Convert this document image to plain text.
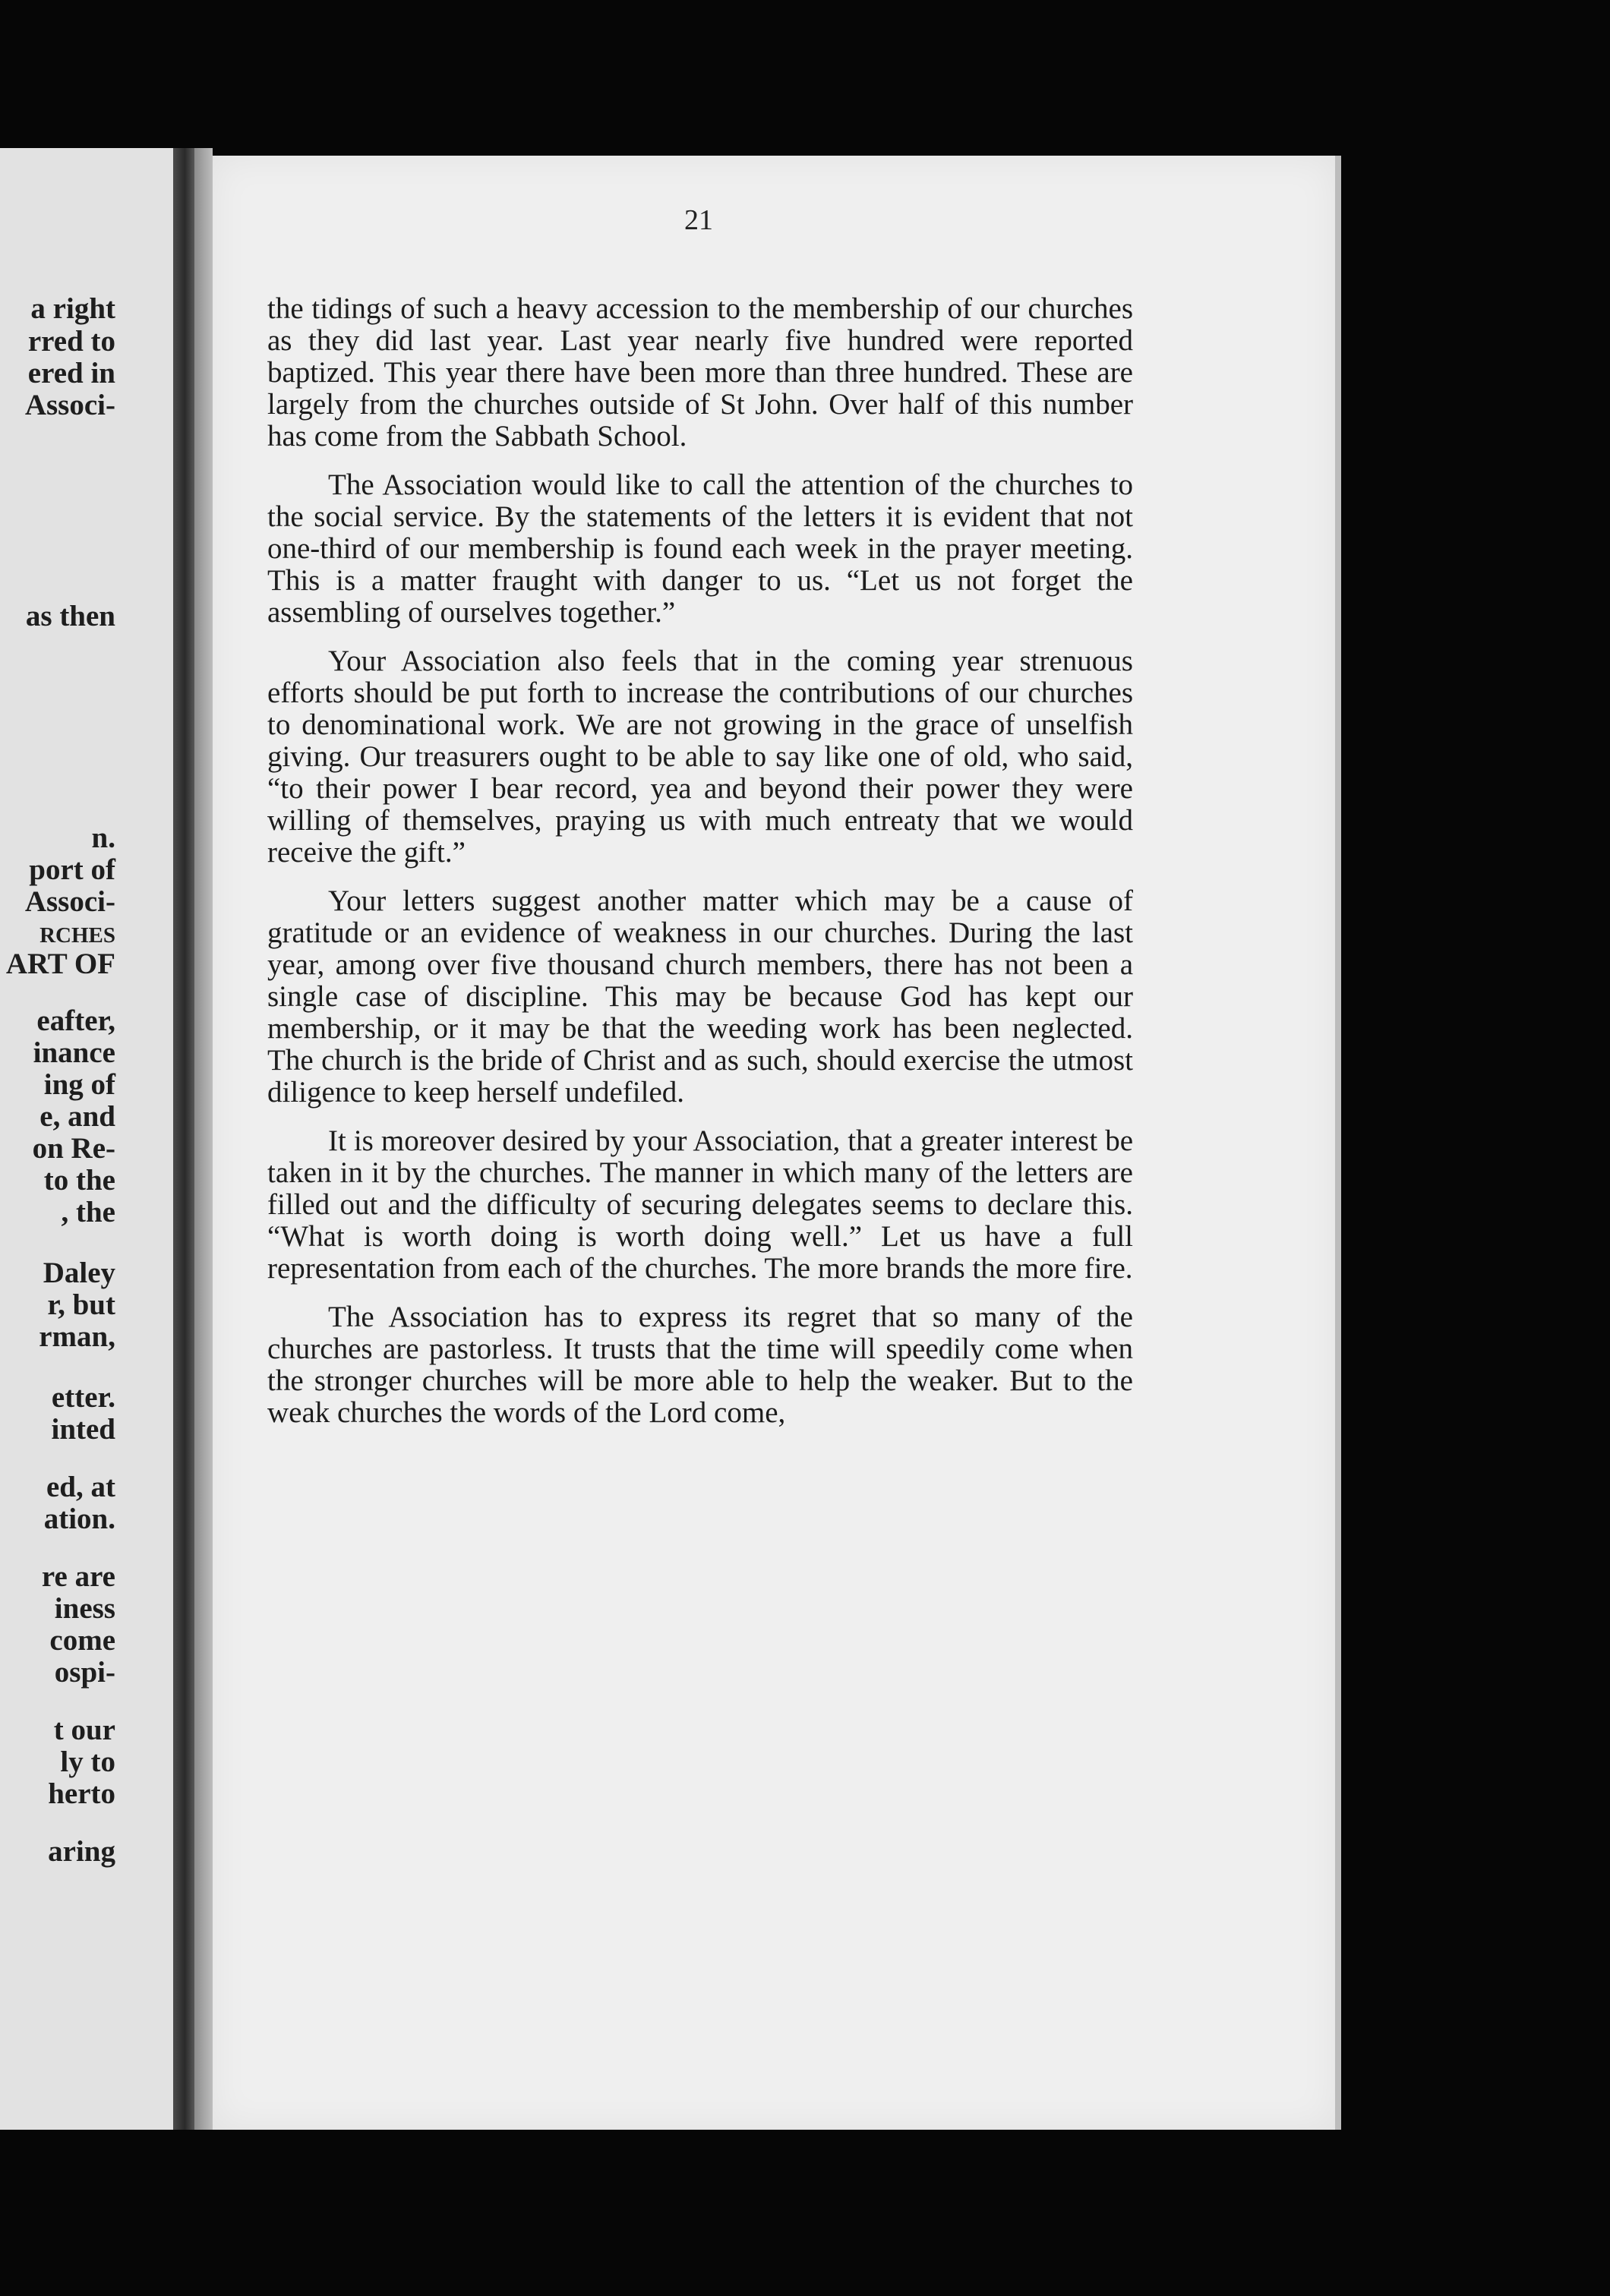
a right

rred to

ered in

Associ-

as then

n.

port of

Associ-

RCHES

ART OF

eafter,

inance

ing of

e, and

on Re-

to the

, the

Daley

r, but

rman,

etter.

inted

ed, at

ation.

re are

iness

come

ospi-

t our

ly to

herto

aring

21

the tidings of such a heavy accession to the membership of our churches as they did last year. Last year nearly five hundred were reported baptized. This year there have been more than three hundred. These are largely from the churches outside of St John. Over half of this number has come from the Sabbath School.

The Association would like to call the attention of the churches to the social service. By the statements of the letters it is evident that not one-third of our membership is found each week in the prayer meeting. This is a matter fraught with danger to us. “Let us not forget the assembling of ourselves together.”

Your Association also feels that in the coming year strenuous efforts should be put forth to increase the contributions of our churches to denominational work. We are not growing in the grace of unselfish giving. Our treasurers ought to be able to say like one of old, who said, “to their power I bear record, yea and beyond their power they were willing of themselves, praying us with much entreaty that we would receive the gift.”

Your letters suggest another matter which may be a cause of gratitude or an evidence of weakness in our churches. During the last year, among over five thousand church members, there has not been a single case of discipline. This may be because God has kept our membership, or it may be that the weeding work has been neglected. The church is the bride of Christ and as such, should exercise the utmost diligence to keep herself undefiled.

It is moreover desired by your Association, that a greater interest be taken in it by the churches. The manner in which many of the letters are filled out and the difficulty of securing delegates seems to declare this. “What is worth doing is worth doing well.” Let us have a full representation from each of the churches. The more brands the more fire.

The Association has to express its regret that so many of the churches are pastorless. It trusts that the time will speedily come when the stronger churches will be more able to help the weaker. But to the weak churches the words of the Lord come,
